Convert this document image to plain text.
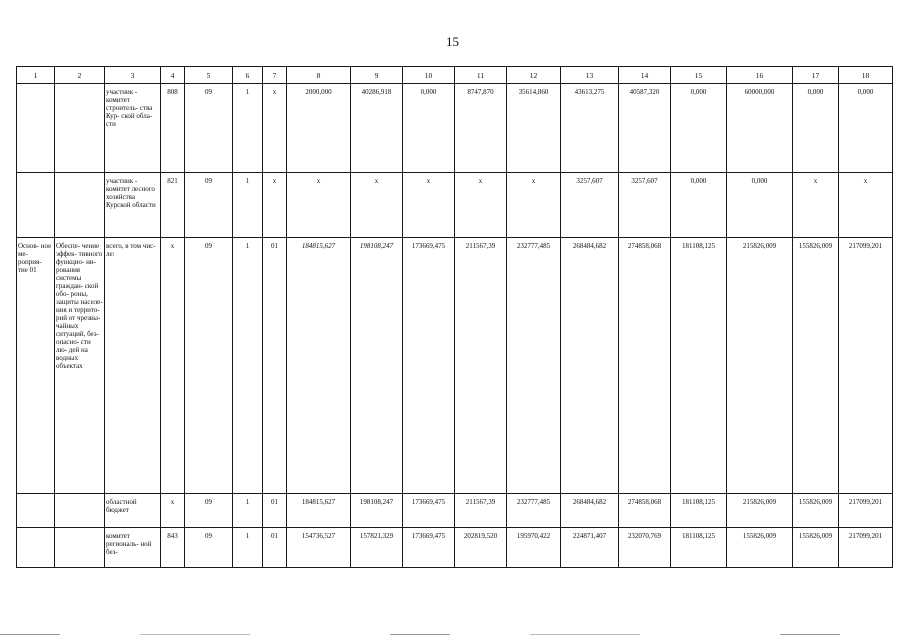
15
1	2	3	4	5	6	7	8	9	10	11	12	13	14	15	16	17	18
		участник - комитет строитель- ства Кур- ской обла- сти	808	09	1	х	2000,000	40286,918	0,000	8747,870	35614,860	43613,275	40587,320	0,000	60000,000	0,000	0,000
		участник - комитет лесного хозяйства Курской области	821	09	1	х	х	х	х	х	х	3257,607	3257,607	0,000	0,000	х	х
Основ- ное ме- роприя- тие 01	Обеспе- чение эффек- тивного функцио- ни- рования системы граждан- ской обо- роны, защиты населе- ния и террито- рий от чрезвы- чайных ситуаций, без- опасно- сти лю- дей на водных объектах	всего, в том чис- ле:	х	09	1	01	184815,627	198108,247	173669,475	211567,39	232777,485	268484,682	274858,068	181108,125	215826,009	155826,009	217099,201
		областной бюджет	х	09	1	01	184815,627	198108,247	173669,475	211567,39	232777,485	268484,682	274858,068	181108,125	215826,009	155826,009	217099,201
		комитет региональ- ной без-	843	09	1	01	154736,527	157821,329	173669,475	202819,520	195970,422	224871,407	232070,769	181108,125	155826,009	155826,009	217099,201
